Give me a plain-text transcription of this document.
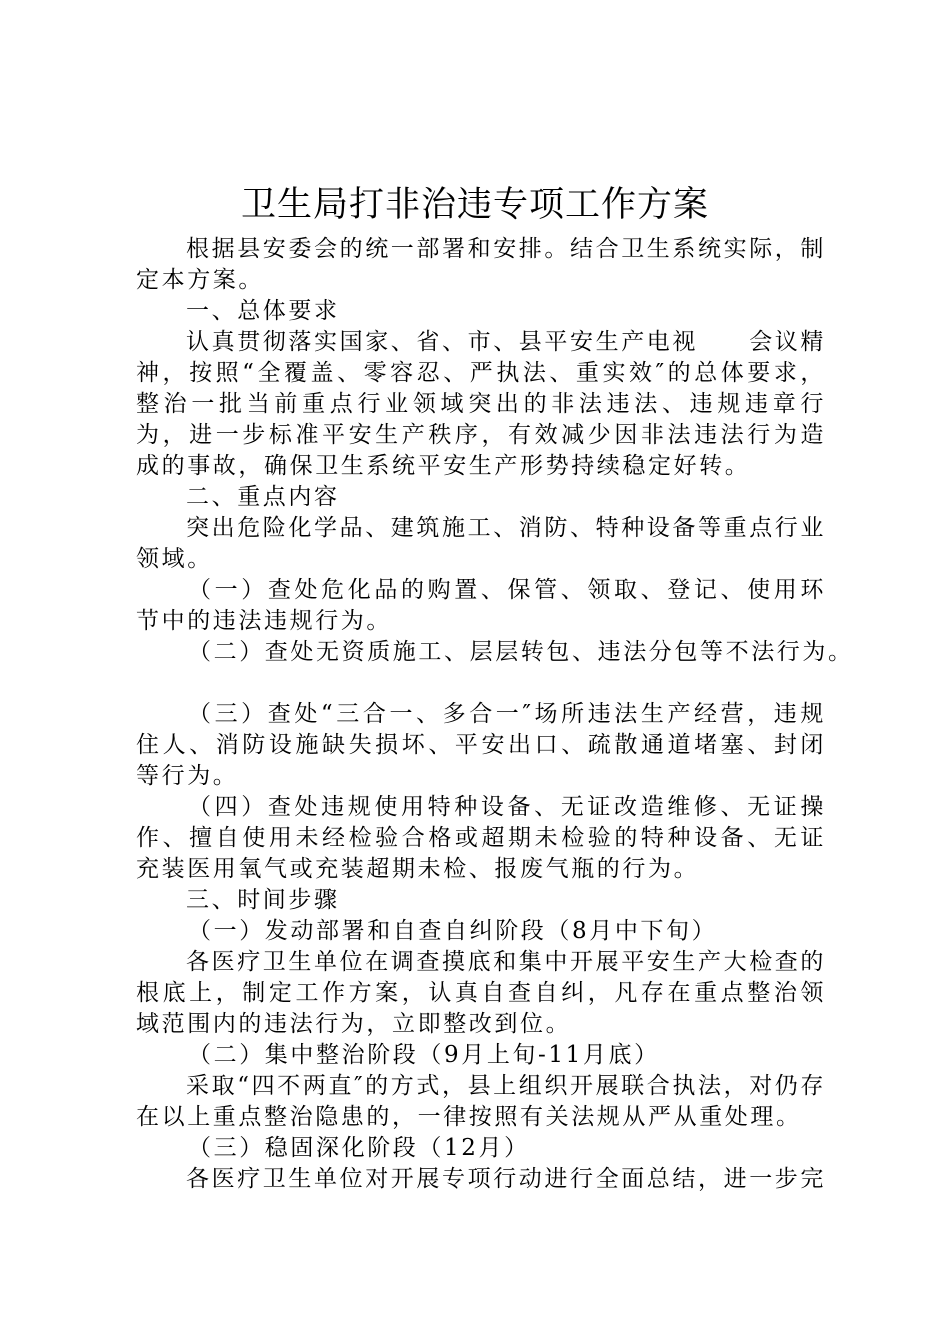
卫生局打非治违专项工作方案

根据县安委会的统一部署和安排。结合卫生系统实际，制定本方案。

一、总体要求

认真贯彻落实国家、省、市、县平安生产电视　　会议精神，按照“全覆盖、零容忍、严执法、重实效″的总体要求，整治一批当前重点行业领域突出的非法违法、违规违章行为，进一步标准平安生产秩序，有效减少因非法违法行为造成的事故，确保卫生系统平安生产形势持续稳定好转。

二、重点内容

突出危险化学品、建筑施工、消防、特种设备等重点行业领域。

（一）查处危化品的购置、保管、领取、登记、使用环节中的违法违规行为。

（二）查处无资质施工、层层转包、违法分包等不法行为。

（三）查处“三合一、多合一″场所违法生产经营，违规住人、消防设施缺失损坏、平安出口、疏散通道堵塞、封闭等行为。

（四）查处违规使用特种设备、无证改造维修、无证操作、擅自使用未经检验合格或超期未检验的特种设备、无证充装医用氧气或充装超期未检、报废气瓶的行为。

三、时间步骤

（一）发动部署和自查自纠阶段（8月中下旬）

各医疗卫生单位在调查摸底和集中开展平安生产大检查的根底上，制定工作方案，认真自查自纠，凡存在重点整治领域范围内的违法行为，立即整改到位。

（二）集中整治阶段（9月上旬-11月底）

采取“四不两直″的方式，县上组织开展联合执法，对仍存在以上重点整治隐患的，一律按照有关法规从严从重处理。

（三）稳固深化阶段（12月）

各医疗卫生单位对开展专项行动进行全面总结，进一步完
